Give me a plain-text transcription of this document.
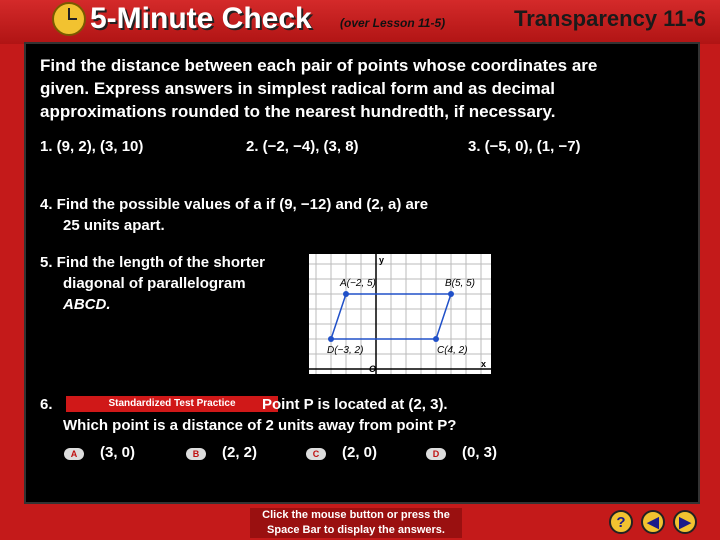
5-Minute Check (over Lesson 11-5)	Transparency 11-6
Find the distance between each pair of points whose coordinates are
given. Express answers in simplest radical form and as decimal
approximations rounded to the nearest hundredth, if necessary.
1. (9, 2), (3, 10)	2. (−2, −4), (3, 8)	3. (−5, 0), (1, −7)
4. Find the possible values of a if (9, −12) and (2, a) are
25 units apart.
5. Find the length of the shorter
diagonal of parallelogram
ABCD.
A(−2, 5)	B(5, 5)
C(4, 2)
D(−3, 2)
y
x
O
6.	Standardized Test Practice	Point P is located at (2, 3).
Which point is a distance of 2 units away from point P?
A	(3, 0)	B	(2, 2)	C	(2, 0)	D	(0, 3)
Click the mouse button or press the
Space Bar to display the answers.	?	◀ ▶
